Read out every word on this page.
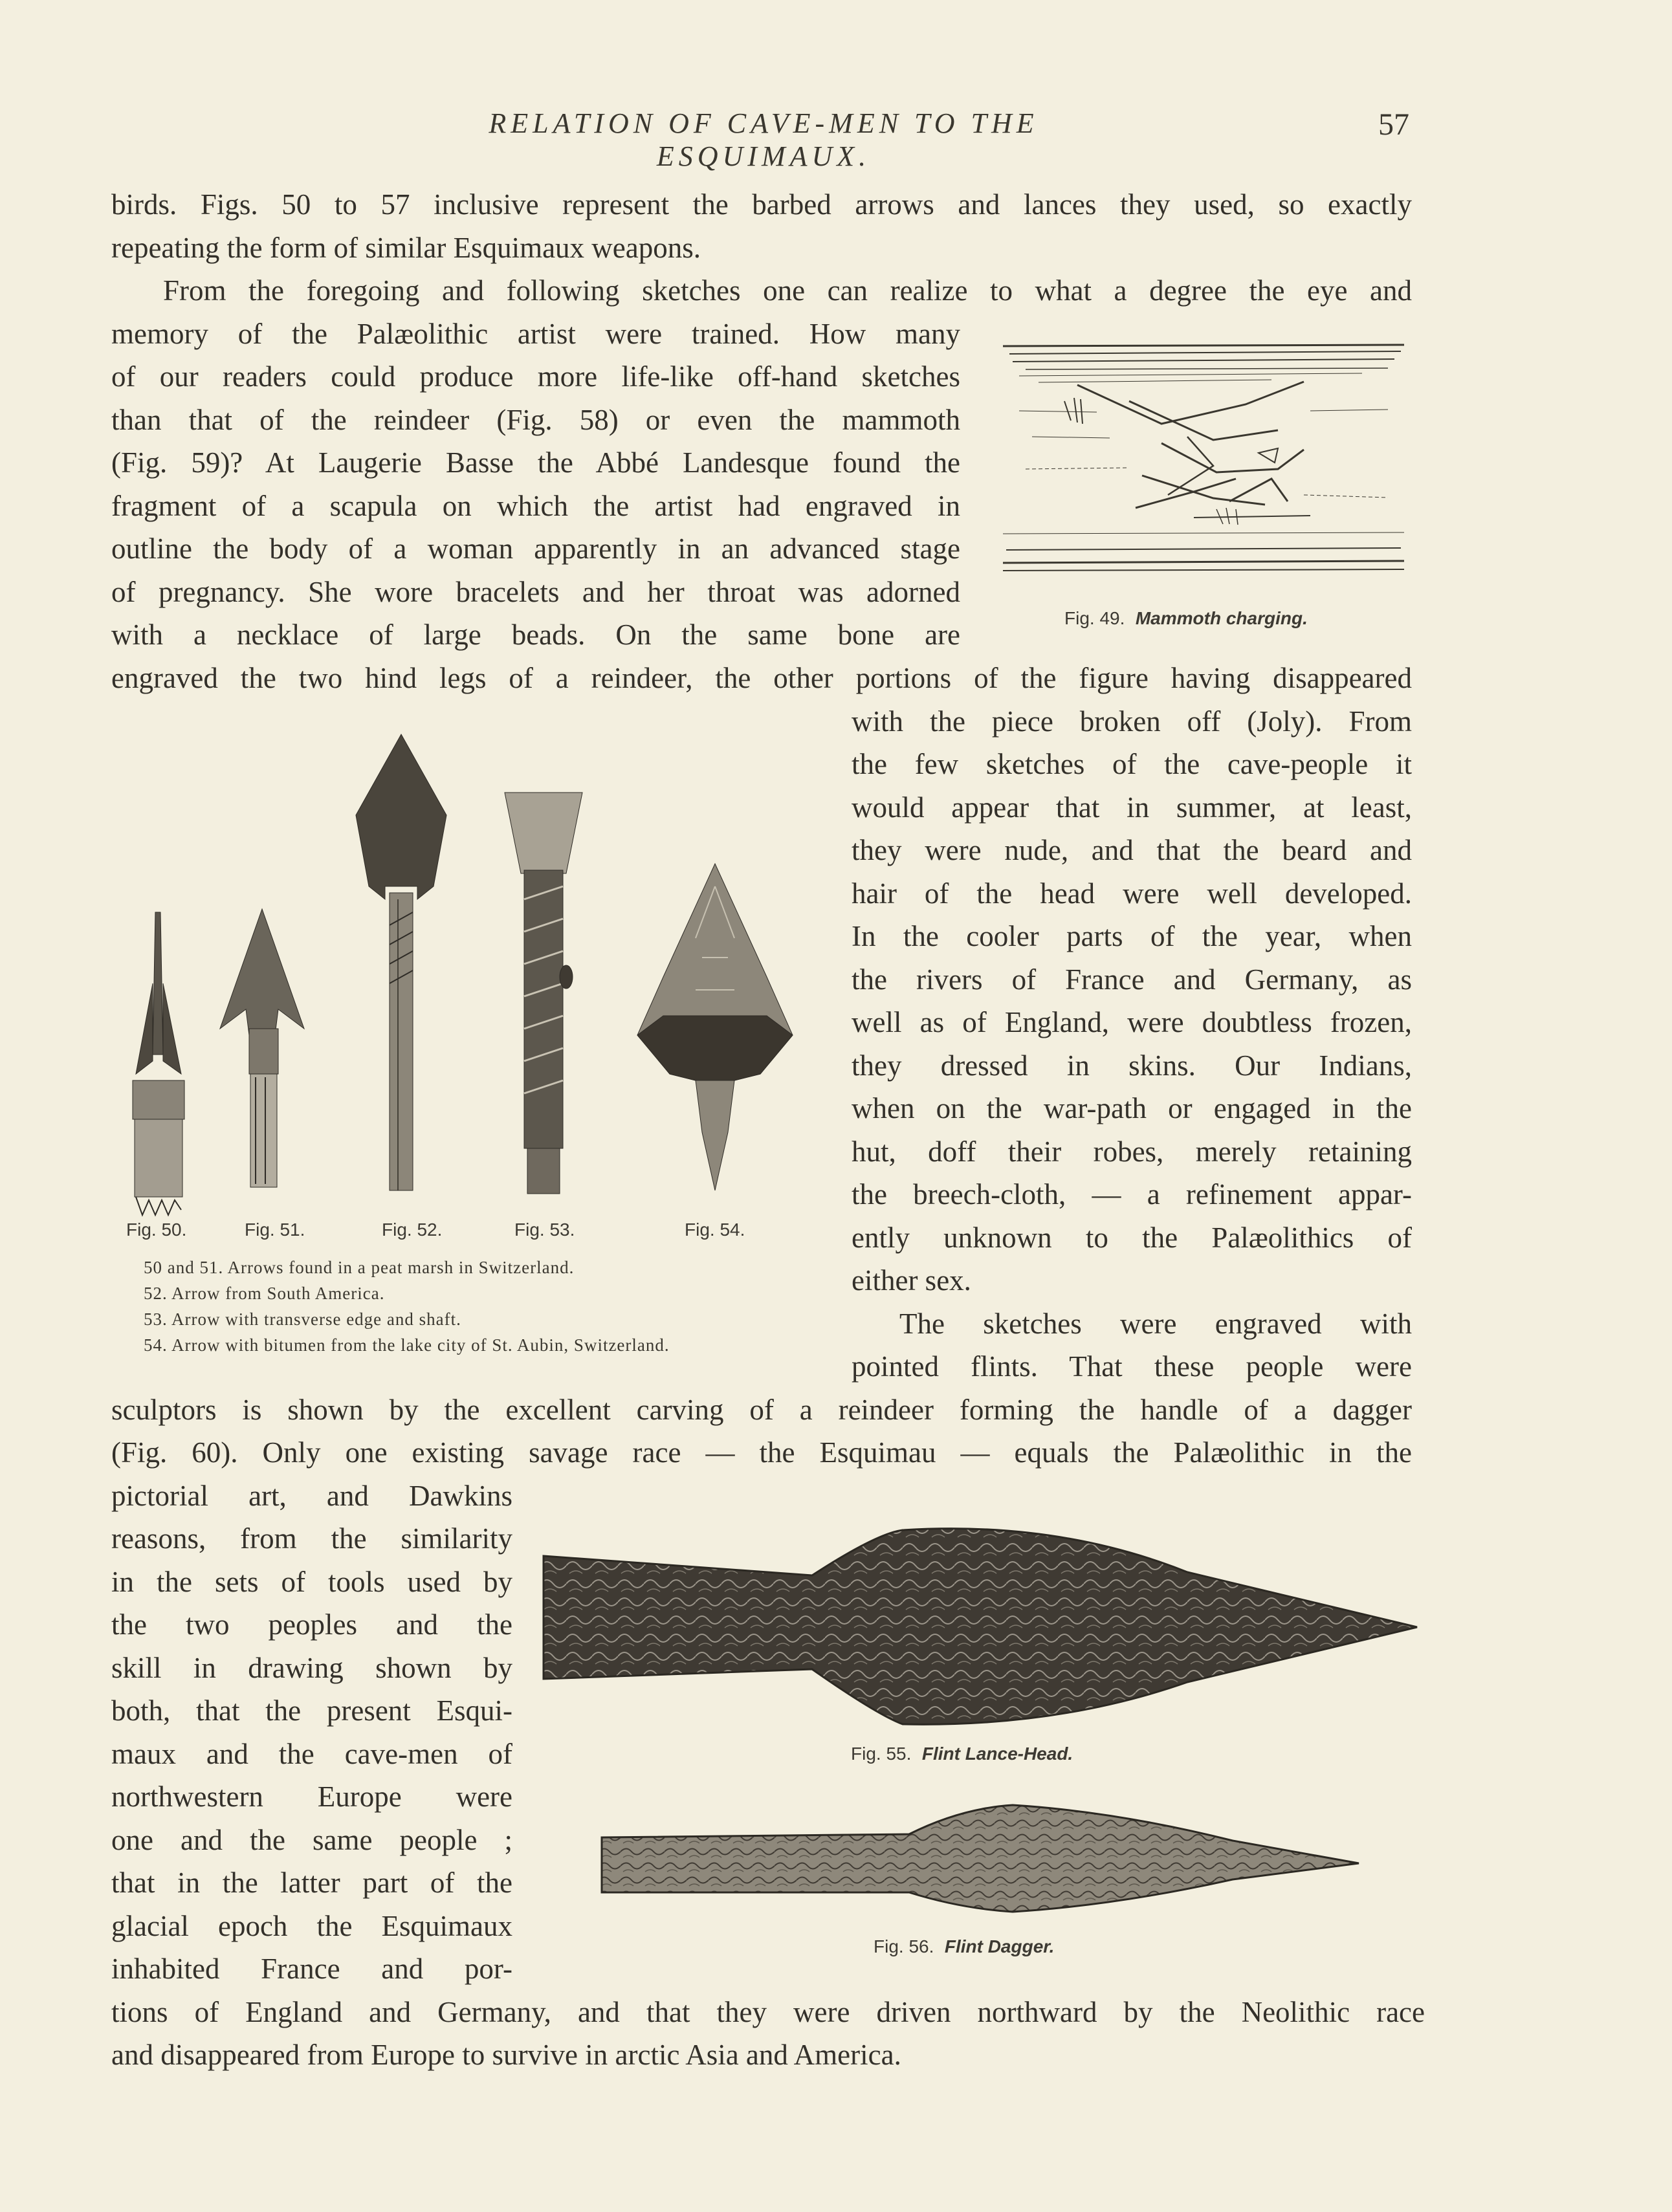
RELATION OF CAVE-MEN TO THE ESQUIMAUX.
57
birds. Figs. 50 to 57 inclusive represent the barbed arrows and lances they used, so exactly
repeating the form of similar Esquimaux weapons.
From the foregoing and following sketches one can realize to what a degree the eye and
memory of the Palæolithic artist were trained. How many
of our readers could produce more life-like off-hand sketches
than that of the reindeer (Fig. 58) or even the mammoth
(Fig. 59)? At Laugerie Basse the Abbé Landesque found the
fragment of a scapula on which the artist had engraved in
outline the body of a woman apparently in an advanced stage
of pregnancy. She wore bracelets and her throat was adorned
with a necklace of large beads. On the same bone are
engraved the two hind legs of a reindeer, the other portions of the figure having disappeared
with the piece broken off (Joly). From
the few sketches of the cave-people it
would appear that in summer, at least,
they were nude, and that the beard and
hair of the head were well developed.
In the cooler parts of the year, when
the rivers of France and Germany, as
well as of England, were doubtless frozen,
they dressed in skins. Our Indians,
when on the war-path or engaged in the
hut, doff their robes, merely retaining
the breech-cloth, — a refinement appar-
ently unknown to the Palæolithics of
either sex.
The sketches were engraved with
pointed flints. That these people were
sculptors is shown by the excellent carving of a reindeer forming the handle of a dagger
(Fig. 60). Only one existing savage race — the Esquimau — equals the Palæolithic in the
pictorial art, and Dawkins
reasons, from the similarity
in the sets of tools used by
the two peoples and the
skill in drawing shown by
both, that the present Esqui-
maux and the cave-men of
northwestern Europe were
one and the same people ;
that in the latter part of the
glacial epoch the Esquimaux
inhabited France and por-
tions of England and Germany, and that they were driven northward by the Neolithic race
and disappeared from Europe to survive in arctic Asia and America.
Fig. 49. Mammoth charging.
Fig. 50.	Fig. 51.	Fig. 52.	Fig. 53.	Fig. 54.
50 and 51. Arrows found in a peat marsh in Switzerland.
52. Arrow from South America.
53. Arrow with transverse edge and shaft.
54. Arrow with bitumen from the lake city of St. Aubin, Switzerland.
Fig. 55. Flint Lance-Head.
Fig. 56. Flint Dagger.
